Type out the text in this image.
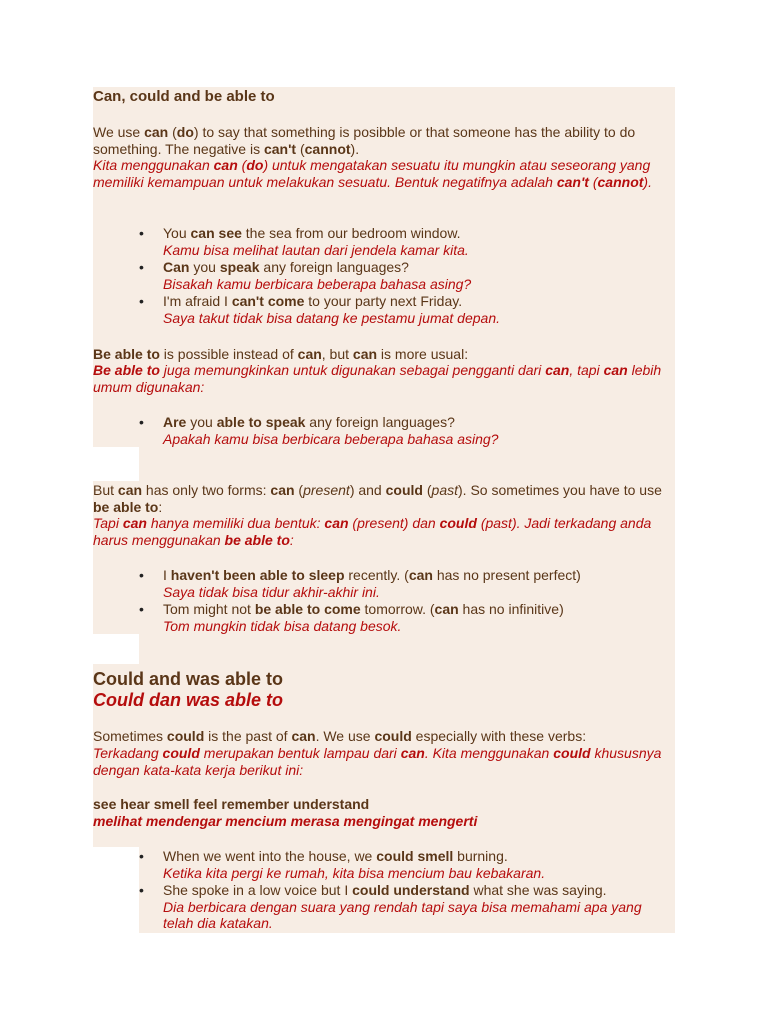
Can, could and be able to
We use can (do) to say that something is posibble or that someone has the ability to do something. The negative is can't (cannot).
Kita menggunakan can (do) untuk mengatakan sesuatu itu mungkin atau seseorang yang memiliki kemampuan untuk melakukan sesuatu. Bentuk negatifnya adalah can't (cannot).
• You can see the sea from our bedroom window.
Kamu bisa melihat lautan dari jendela kamar kita.
• Can you speak any foreign languages?
Bisakah kamu berbicara beberapa bahasa asing?
• I'm afraid I can't come to your party next Friday.
Saya takut tidak bisa datang ke pestamu jumat depan.
Be able to is possible instead of can, but can is more usual:
Be able to juga memungkinkan untuk digunakan sebagai pengganti dari can, tapi can lebih umum digunakan:
• Are you able to speak any foreign languages?
Apakah kamu bisa berbicara beberapa bahasa asing?
But can has only two forms: can (present) and could (past). So sometimes you have to use be able to:
Tapi can hanya memiliki dua bentuk: can (present) dan could (past). Jadi terkadang anda harus menggunakan be able to:
• I haven't been able to sleep recently. (can has no present perfect)
Saya tidak bisa tidur akhir-akhir ini.
• Tom might not be able to come tomorrow. (can has no infinitive)
Tom mungkin tidak bisa datang besok.
Could and was able to
Could dan was able to
Sometimes could is the past of can. We use could especially with these verbs:
Terkadang could merupakan bentuk lampau dari can. Kita menggunakan could khususnya dengan kata-kata kerja berikut ini:
see hear smell feel remember understand
melihat mendengar mencium merasa mengingat mengerti
• When we went into the house, we could smell burning.
Ketika kita pergi ke rumah, kita bisa mencium bau kebakaran.
• She spoke in a low voice but I could understand what she was saying.
Dia berbicara dengan suara yang rendah tapi saya bisa memahami apa yang telah dia katakan.
